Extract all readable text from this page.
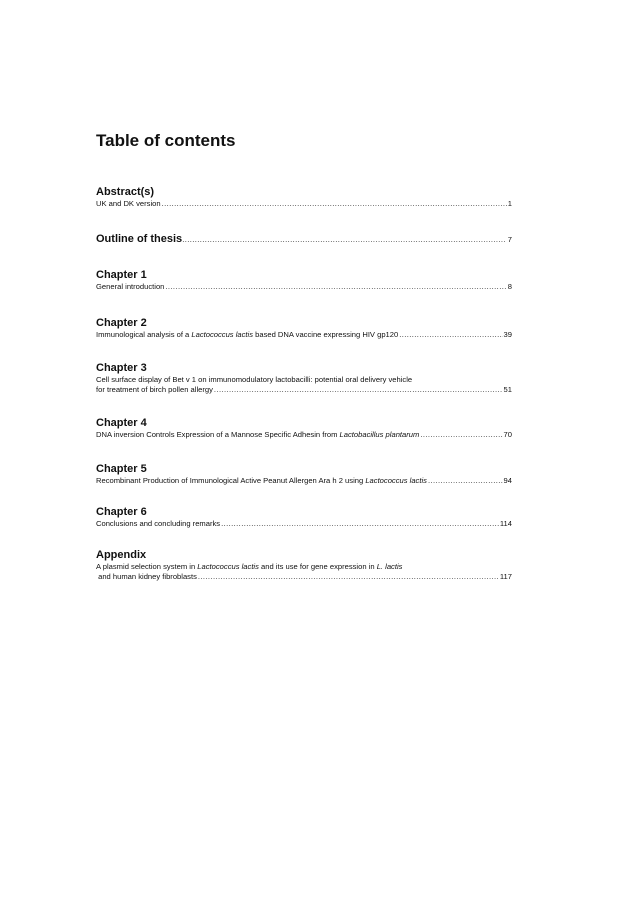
Table of contents
Abstract(s)
UK and DK version .....	1
Outline of thesis .....	7
Chapter 1
General introduction .....	8
Chapter 2
Immunological analysis of a Lactococcus lactis based DNA vaccine expressing HIV gp120 .....	39
Chapter 3
Cell surface display of Bet v 1 on immunomodulatory lactobacilli: potential oral delivery vehicle
for treatment of birch pollen allergy .....	51
Chapter 4
DNA inversion Controls Expression of a Mannose Specific Adhesin from Lactobacillus plantarum .....	70
Chapter 5
Recombinant Production of Immunological Active Peanut Allergen Ara h 2 using Lactococcus lactis .....	94
Chapter 6
Conclusions and concluding remarks .....	114
Appendix
A plasmid selection system in Lactococcus lactis and its use for gene expression in L. lactis
and human kidney fibroblasts .....	117
